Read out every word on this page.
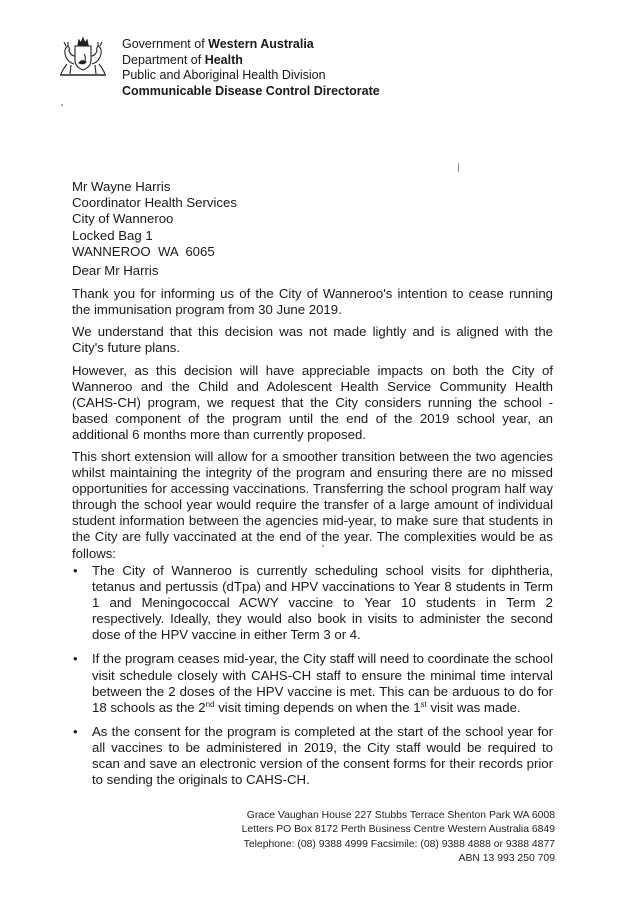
Government of Western Australia
Department of Health
Public and Aboriginal Health Division
Communicable Disease Control Directorate
Mr Wayne Harris
Coordinator Health Services
City of Wanneroo
Locked Bag 1
WANNEROO  WA  6065
Dear Mr Harris
Thank you for informing us of the City of Wanneroo's intention to cease running the immunisation program from 30 June 2019.
We understand that this decision was not made lightly and is aligned with the City's future plans.
However, as this decision will have appreciable impacts on both the City of Wanneroo and the Child and Adolescent Health Service Community Health (CAHS-CH) program, we request that the City considers running the school -based component of the program until the end of the 2019 school year, an additional 6 months more than currently proposed.
This short extension will allow for a smoother transition between the two agencies whilst maintaining the integrity of the program and ensuring there are no missed opportunities for accessing vaccinations. Transferring the school program half way through the school year would require the transfer of a large amount of individual student information between the agencies mid-year, to make sure that students in the City are fully vaccinated at the end of the year. The complexities would be as follows:
• The City of Wanneroo is currently scheduling school visits for diphtheria, tetanus and pertussis (dTpa) and HPV vaccinations to Year 8 students in Term 1 and Meningococcal ACWY vaccine to Year 10 students in Term 2 respectively. Ideally, they would also book in visits to administer the second dose of the HPV vaccine in either Term 3 or 4.
• If the program ceases mid-year, the City staff will need to coordinate the school visit schedule closely with CAHS-CH staff to ensure the minimal time interval between the 2 doses of the HPV vaccine is met. This can be arduous to do for 18 schools as the 2nd visit timing depends on when the 1st visit was made.
• As the consent for the program is completed at the start of the school year for all vaccines to be administered in 2019, the City staff would be required to scan and save an electronic version of the consent forms for their records prior to sending the originals to CAHS-CH.
Grace Vaughan House 227 Stubbs Terrace Shenton Park WA 6008
Letters PO Box 8172 Perth Business Centre Western Australia 6849
Telephone: (08) 9388 4999 Facsimile: (08) 9388 4888 or 9388 4877
ABN 13 993 250 709
